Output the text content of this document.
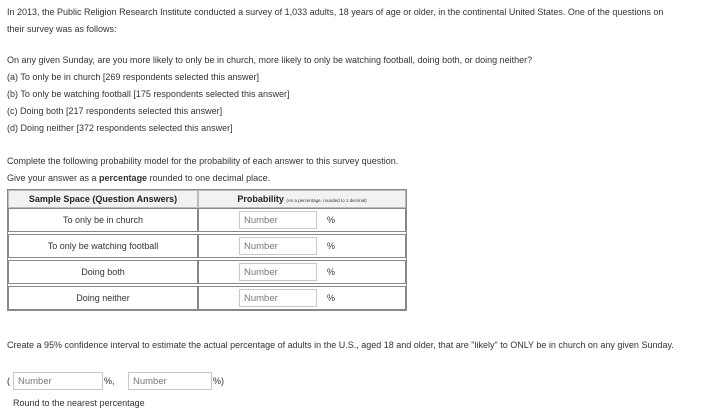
In 2013, the Public Religion Research Institute conducted a survey of 1,033 adults, 18 years of age or older, in the continental United States. One of the questions on their survey was as follows:

On any given Sunday, are you more likely to only be in church, more likely to only be watching football, doing both, or doing neither?
(a) To only be in church [269 respondents selected this answer]
(b) To only be watching football [175 respondents selected this answer]
(c) Doing both [217 respondents selected this answer]
(d) Doing neither [372 respondents selected this answer]
Complete the following probability model for the probability of each answer to this survey question.
Give your answer as a percentage rounded to one decimal place.
Sample Space (Question Answers)	Probability (As a percentage, rounded to 1 decimal)
To only be in church	
Number%

To only be watching football	
Number%

Doing both	
Number%

Doing neither	
Number%

Create a 95% confidence interval to estimate the actual percentage of adults in the U.S., aged 18 and older, that are "likely" to ONLY be in church on any given Sunday.

(
Number	%,
Number	%)

Round to the nearest percentage
